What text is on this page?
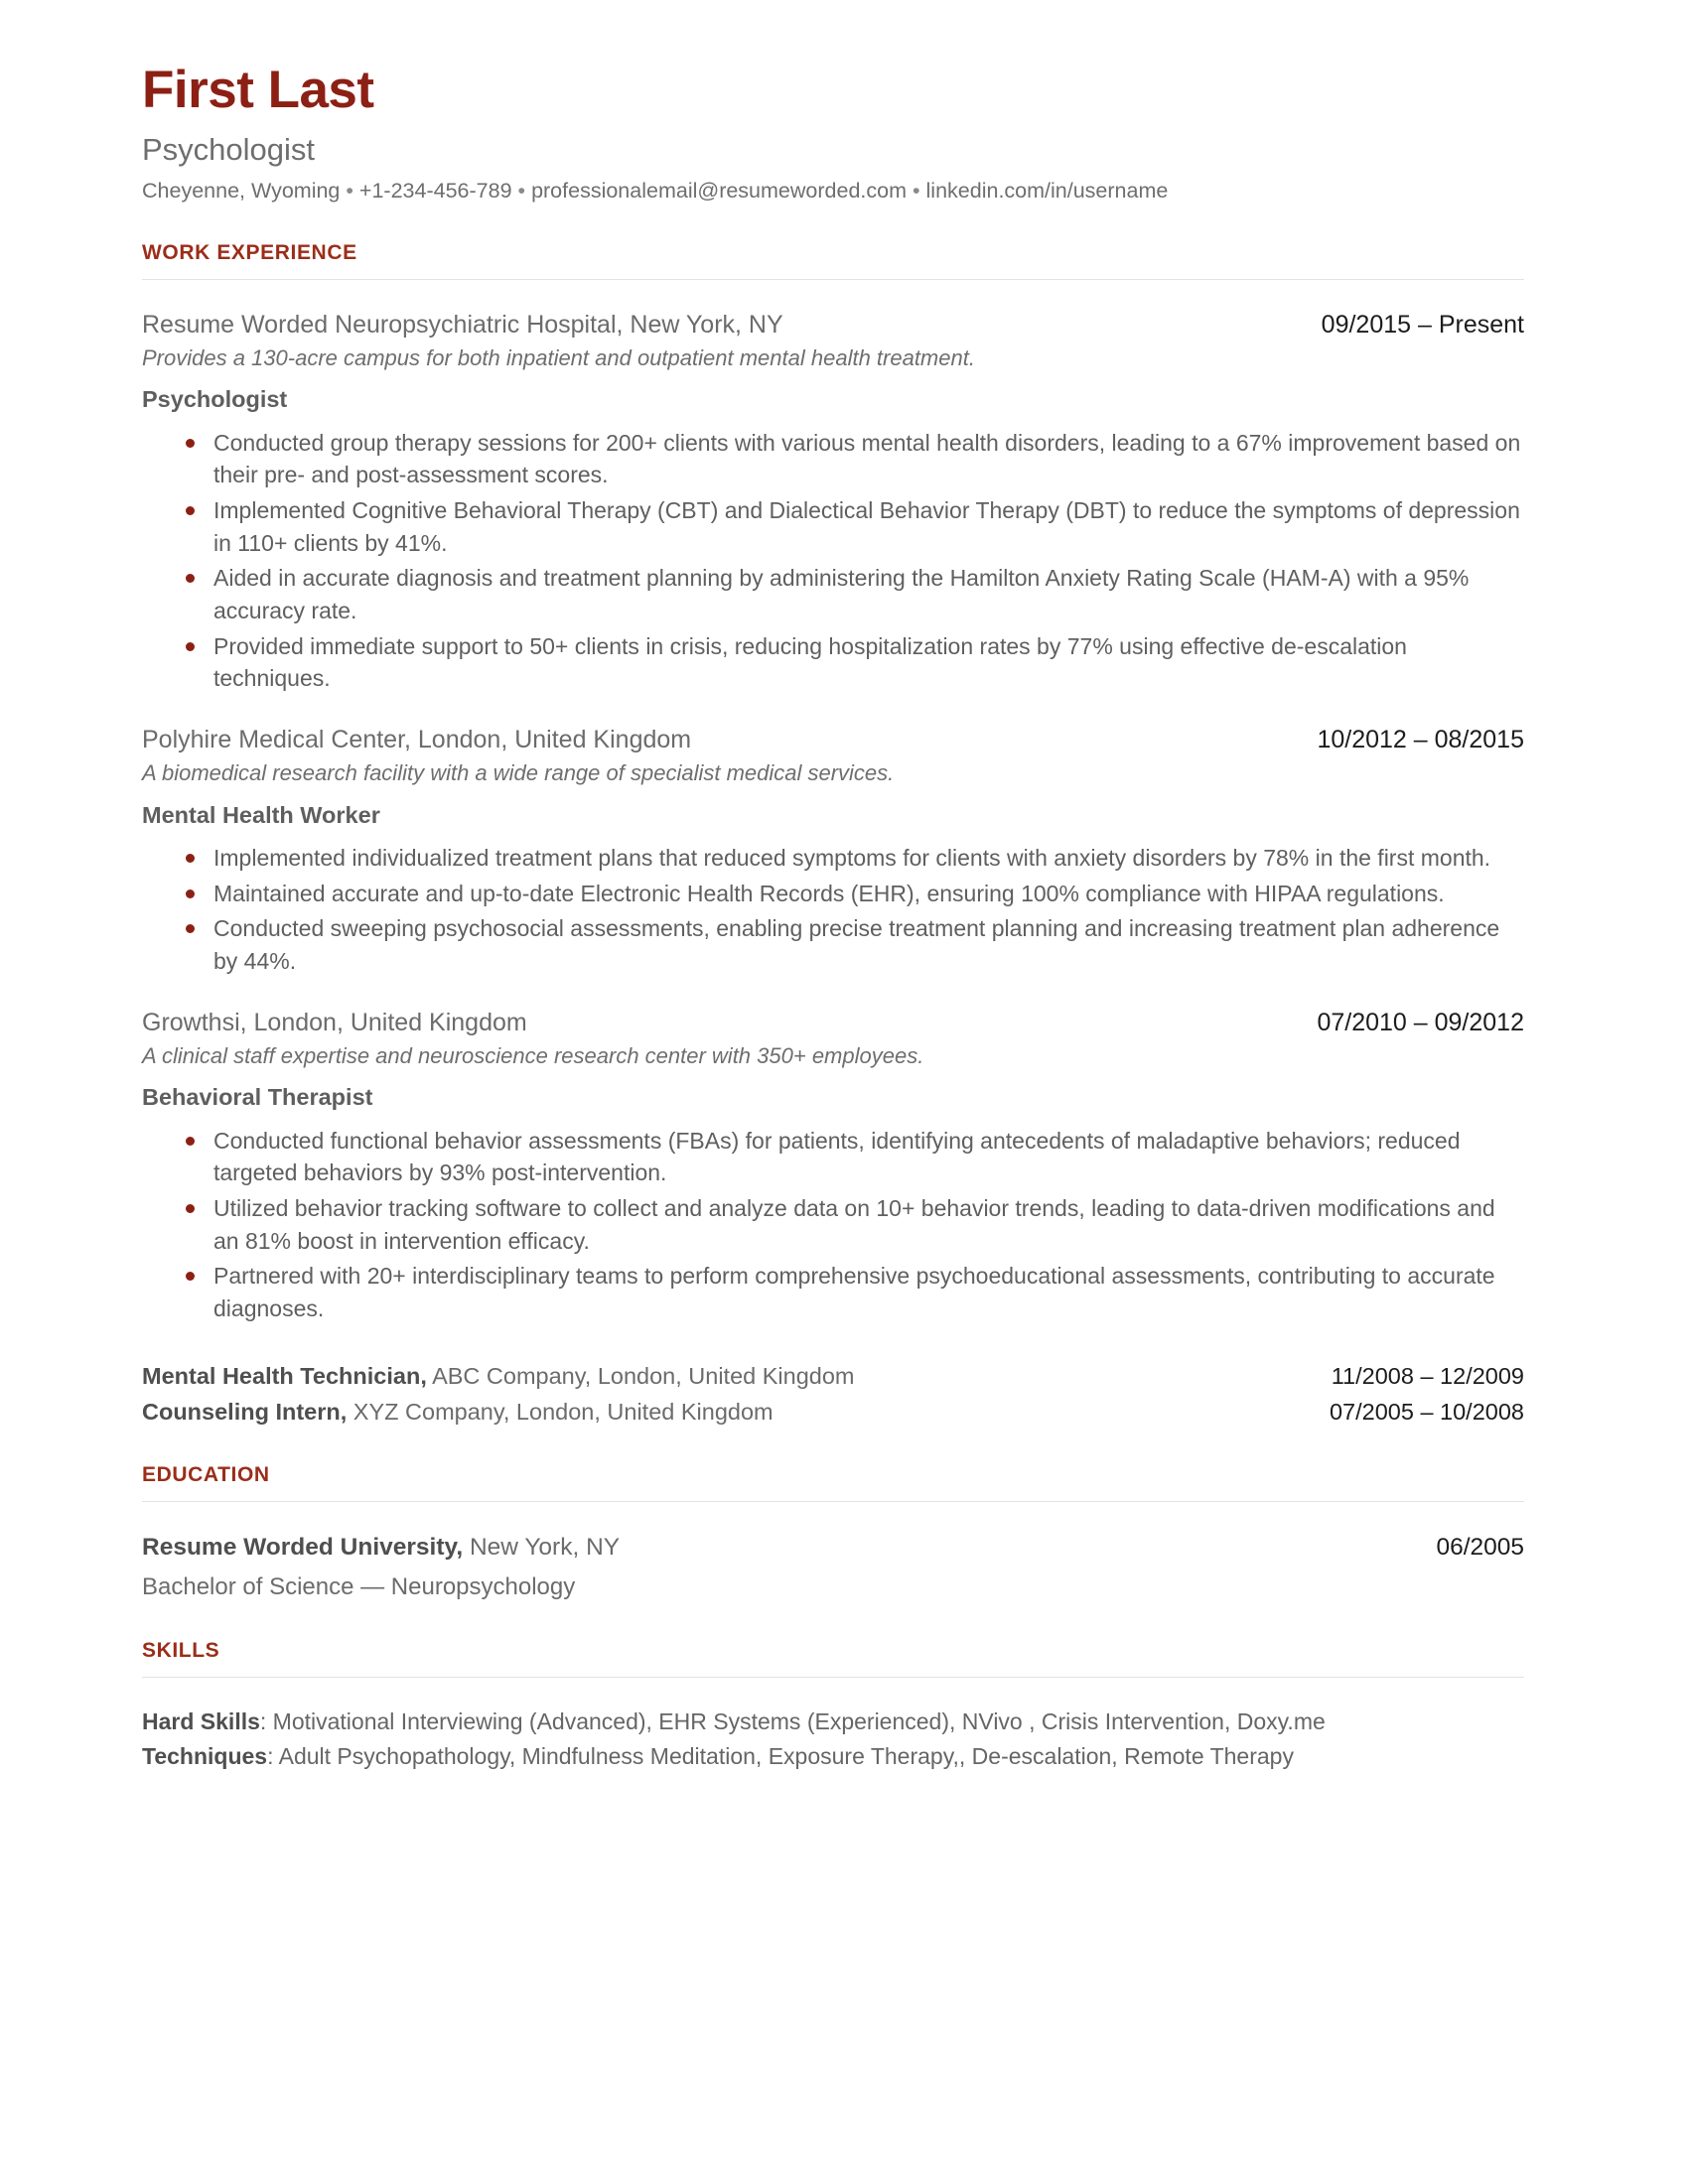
First Last
Psychologist
Cheyenne, Wyoming • +1-234-456-789 • professionalemail@resumeworded.com • linkedin.com/in/username
WORK EXPERIENCE
Resume Worded Neuropsychiatric Hospital, New York, NY	09/2015 – Present
Provides a 130-acre campus for both inpatient and outpatient mental health treatment.
Psychologist
Conducted group therapy sessions for 200+ clients with various mental health disorders, leading to a 67% improvement based on their pre- and post-assessment scores.
Implemented Cognitive Behavioral Therapy (CBT) and Dialectical Behavior Therapy (DBT) to reduce the symptoms of depression in 110+ clients by 41%.
Aided in accurate diagnosis and treatment planning by administering the Hamilton Anxiety Rating Scale (HAM-A) with a 95% accuracy rate.
Provided immediate support to 50+ clients in crisis, reducing hospitalization rates by 77% using effective de-escalation techniques.
Polyhire Medical Center, London, United Kingdom	10/2012 – 08/2015
A biomedical research facility with a wide range of specialist medical services.
Mental Health Worker
Implemented individualized treatment plans that reduced symptoms for clients with anxiety disorders by 78% in the first month.
Maintained accurate and up-to-date Electronic Health Records (EHR), ensuring 100% compliance with HIPAA regulations.
Conducted sweeping psychosocial assessments, enabling precise treatment planning and increasing treatment plan adherence by 44%.
Growthsi, London, United Kingdom	07/2010 – 09/2012
A clinical staff expertise and neuroscience research center with 350+ employees.
Behavioral Therapist
Conducted functional behavior assessments (FBAs) for patients, identifying antecedents of maladaptive behaviors; reduced targeted behaviors by 93% post-intervention.
Utilized behavior tracking software to collect and analyze data on 10+ behavior trends, leading to data-driven modifications and an 81% boost in intervention efficacy.
Partnered with 20+ interdisciplinary teams to perform comprehensive psychoeducational assessments, contributing to accurate diagnoses.
Mental Health Technician, ABC Company, London, United Kingdom	11/2008 – 12/2009
Counseling Intern, XYZ Company, London, United Kingdom	07/2005 – 10/2008
EDUCATION
Resume Worded University, New York, NY	06/2005
Bachelor of Science — Neuropsychology
SKILLS
Hard Skills: Motivational Interviewing (Advanced), EHR Systems (Experienced), NVivo , Crisis Intervention, Doxy.me
Techniques: Adult Psychopathology, Mindfulness Meditation, Exposure Therapy,, De-escalation, Remote Therapy
